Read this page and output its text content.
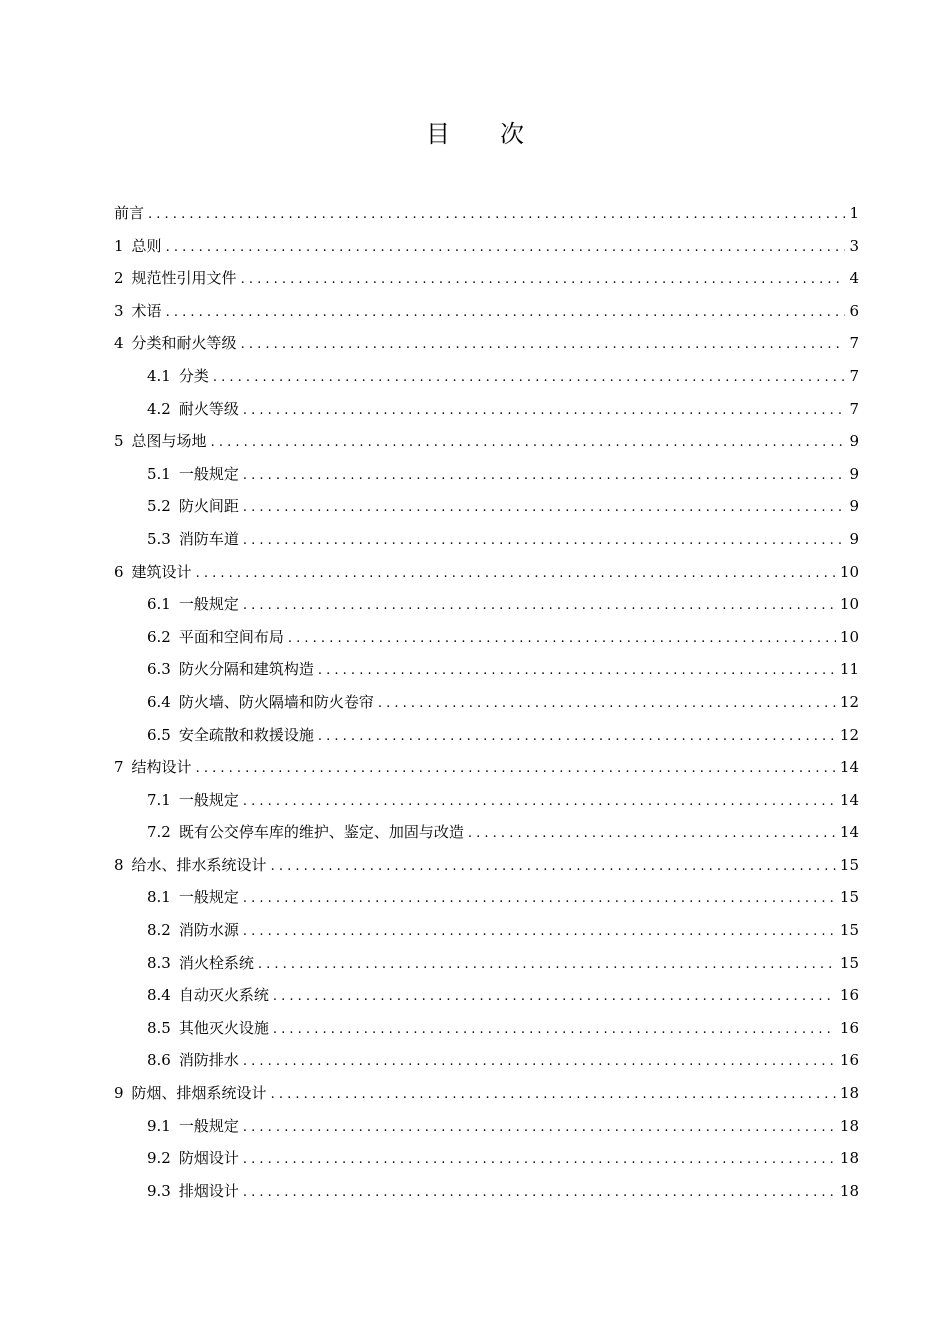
目 次
前言 . . .	1
1 总则 . . .	3
2 规范性引用文件 . . .	4
3 术语 . . .	6
4 分类和耐火等级 . . .	7
4.1 分类 . . .	7
4.2 耐火等级 . . .	7
5 总图与场地 . . .	9
5.1 一般规定 . . .	9
5.2 防火间距 . . .	9
5.3 消防车道 . . .	9
6 建筑设计 . . .	10
6.1 一般规定 . . .	10
6.2 平面和空间布局 . . .	10
6.3 防火分隔和建筑构造 . . .	11
6.4 防火墙、防火隔墙和防火卷帘 . . .	12
6.5 安全疏散和救援设施 . . .	12
7 结构设计 . . .	14
7.1 一般规定 . . .	14
7.2 既有公交停车库的维护、鉴定、加固与改造 . . .	14
8 给水、排水系统设计 . . .	15
8.1 一般规定 . . .	15
8.2 消防水源 . . .	15
8.3 消火栓系统 . . .	15
8.4 自动灭火系统 . . .	16
8.5 其他灭火设施 . . .	16
8.6 消防排水 . . .	16
9 防烟、排烟系统设计 . . .	18
9.1 一般规定 . . .	18
9.2 防烟设计 . . .	18
9.3 排烟设计 . . .	18
